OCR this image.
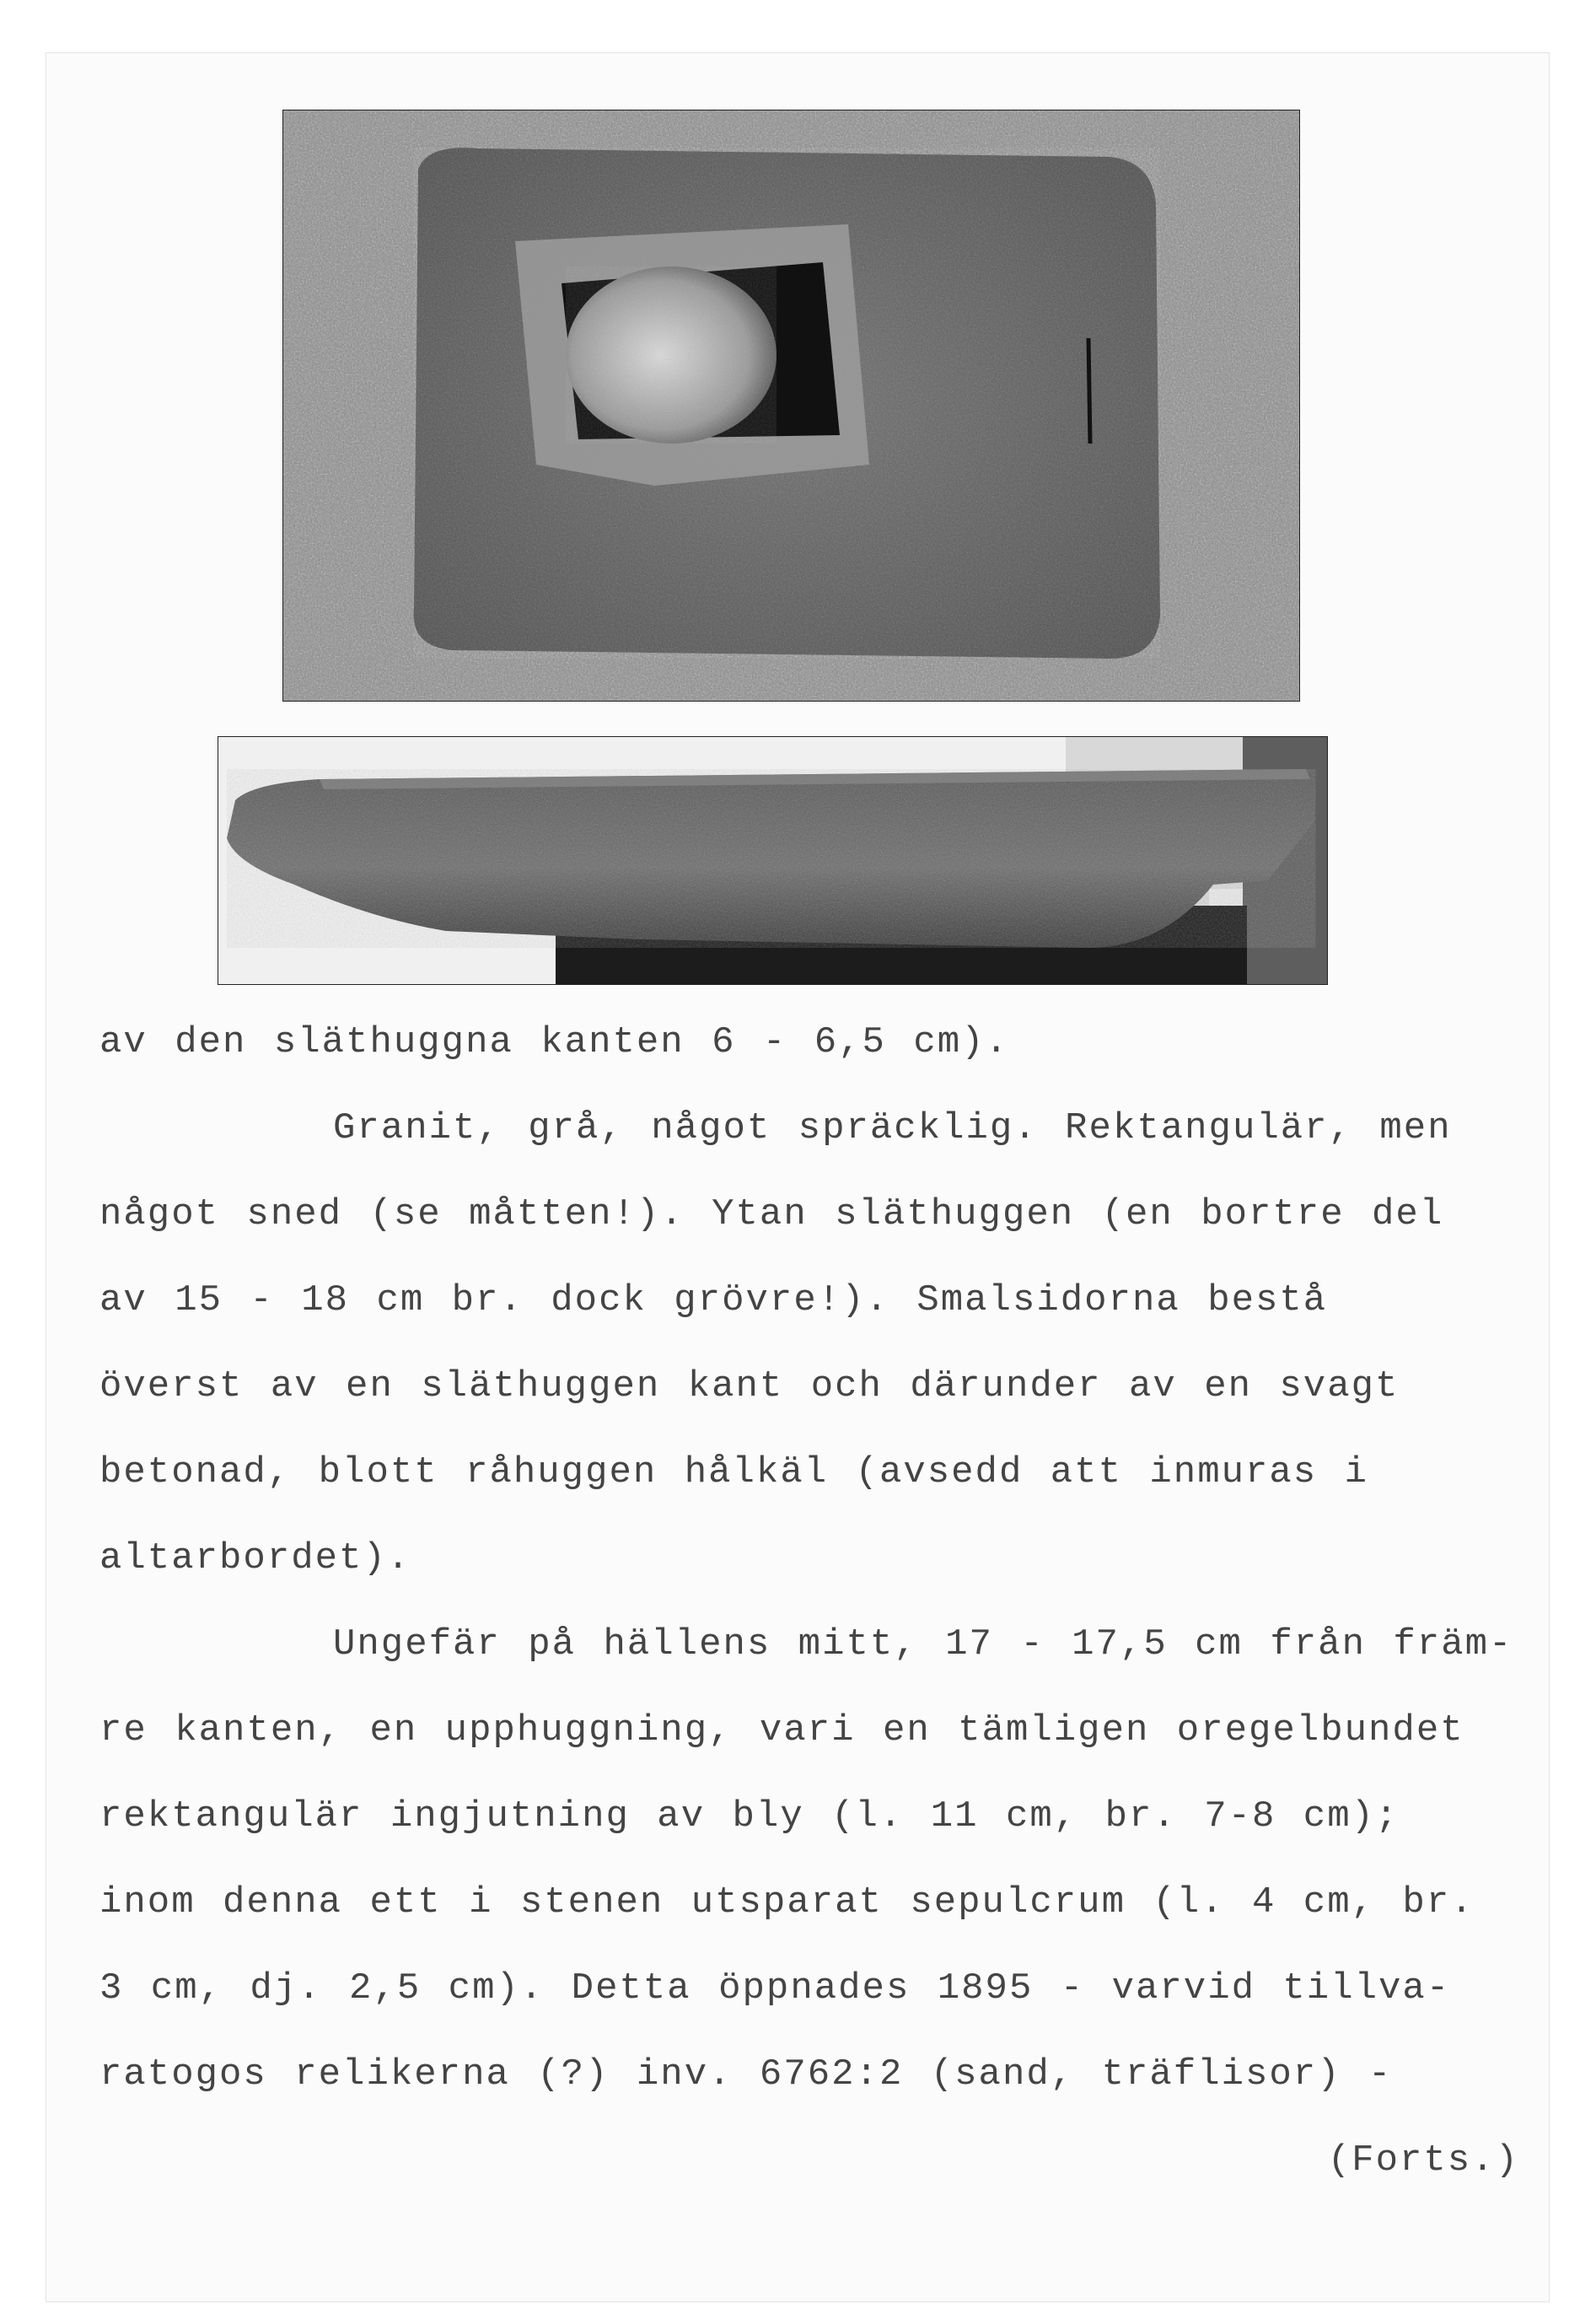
av den släthuggna kanten 6 - 6,5 cm).
Granit, grå, något spräcklig. Rektangulär, men
något sned (se måtten!). Ytan släthuggen (en bortre del
av 15 - 18 cm br. dock grövre!). Smalsidorna bestå
överst av en släthuggen kant och därunder av en svagt
betonad, blott råhuggen hålkäl (avsedd att inmuras i
altarbordet).
Ungefär på hällens mitt, 17 - 17,5 cm från främ-
re kanten, en upphuggning, vari en tämligen oregelbundet
rektangulär ingjutning av bly (l. 11 cm, br. 7-8 cm);
inom denna ett i stenen utsparat sepulcrum (l. 4 cm, br.
3 cm, dj. 2,5 cm). Detta öppnades 1895 - varvid tillva-
ratogos relikerna (?) inv. 6762:2 (sand, träflisor) -
(Forts.)
